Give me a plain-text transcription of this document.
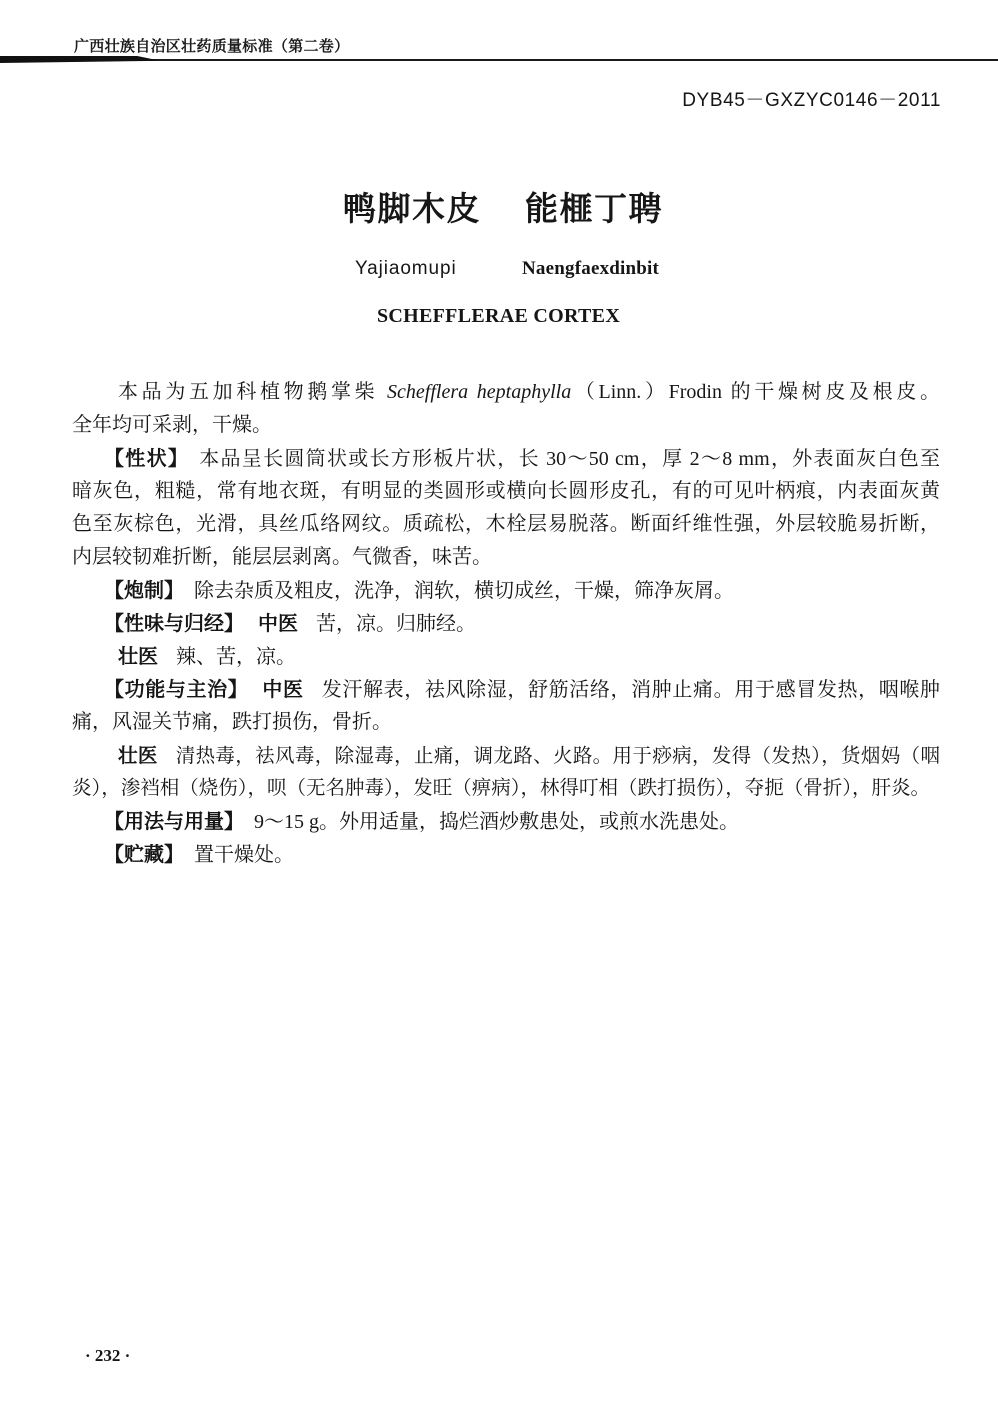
广西壮族自治区壮药质量标准（第二卷）
DYB45－GXZYC0146－2011
鸭脚木皮 能榧丁聘
Yajiaomupi	Naengfaexdinbit
SCHEFFLERAE CORTEX
本品为五加科植物鹅掌柴 Schefflera heptaphylla（Linn.）Frodin 的干燥树皮及根皮。
全年均可采剥，干燥。
【性状】 本品呈长圆筒状或长方形板片状，长 30～50 cm，厚 2～8 mm，外表面灰白色至
暗灰色，粗糙，常有地衣斑，有明显的类圆形或横向长圆形皮孔，有的可见叶柄痕，内表面灰黄
色至灰棕色，光滑，具丝瓜络网纹。质疏松，木栓层易脱落。断面纤维性强，外层较脆易折断，
内层较韧难折断，能层层剥离。气微香，味苦。
【炮制】 除去杂质及粗皮，洗净，润软，横切成丝，干燥，筛净灰屑。
【性味与归经】 中医 苦，凉。归肺经。
壮医 辣、苦，凉。
【功能与主治】 中医 发汗解表，祛风除湿，舒筋活络，消肿止痛。用于感冒发热，咽喉肿
痛，风湿关节痛，跌打损伤，骨折。
壮医 清热毒，祛风毒，除湿毒，止痛，调龙路、火路。用于痧病，发得（发热），货烟妈（咽
炎），渗裆相（烧伤），呗（无名肿毒），发旺（痹病），林得叮相（跌打损伤），夺扼（骨折），肝炎。
【用法与用量】 9～15 g。外用适量，捣烂酒炒敷患处，或煎水洗患处。
【贮藏】 置干燥处。
· 232 ·
